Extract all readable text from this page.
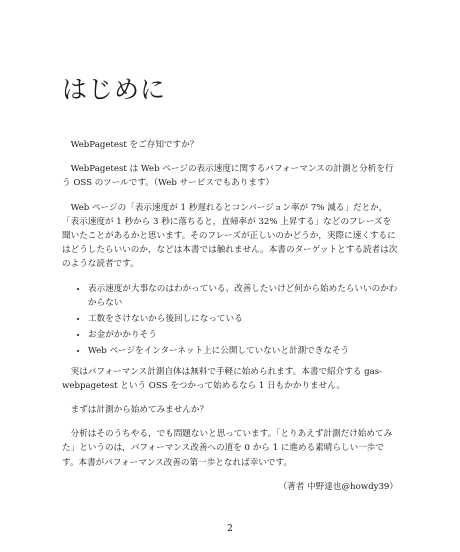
はじめに

WebPagetest をご存知ですか？

WebPagetest は Web ページの表示速度に関するパフォーマンスの計測と分析を行う OSS のツールです。（Web サービスでもあります）

Web ページの「表示速度が 1 秒遅れるとコンバージョン率が 7% 減る」だとか，「表示速度が 1 秒から 3 秒に落ちると，直帰率が 32% 上昇する」などのフレーズを聞いたことがあるかと思います。そのフレーズが正しいのかどうか，実際に速くするにはどうしたらいいのか，などは本書では触れません。本書のターゲットとする読者は次のような読者です。

• 表示速度が大事なのはわかっている、改善したいけど何から始めたらいいのかわからない
• 工数をさけないから後回しになっている
• お金がかかりそう
• Web ページをインターネット上に公開していないと計測できなそう

実はパフォーマンス計測自体は無料で手軽に始められます。本書で紹介する gas-webpagetest という OSS をつかって始めるなら 1 日もかかりません。

まずは計測から始めてみませんか？

分析はそのうちやる，でも問題ないと思っています。「とりあえず計測だけ始めてみた」というのは，パフォーマンス改善への道を 0 から 1 に進める素晴らしい一歩です。本書がパフォーマンス改善の第一歩となれば幸いです。

（著者 中野達也@howdy39）

2
